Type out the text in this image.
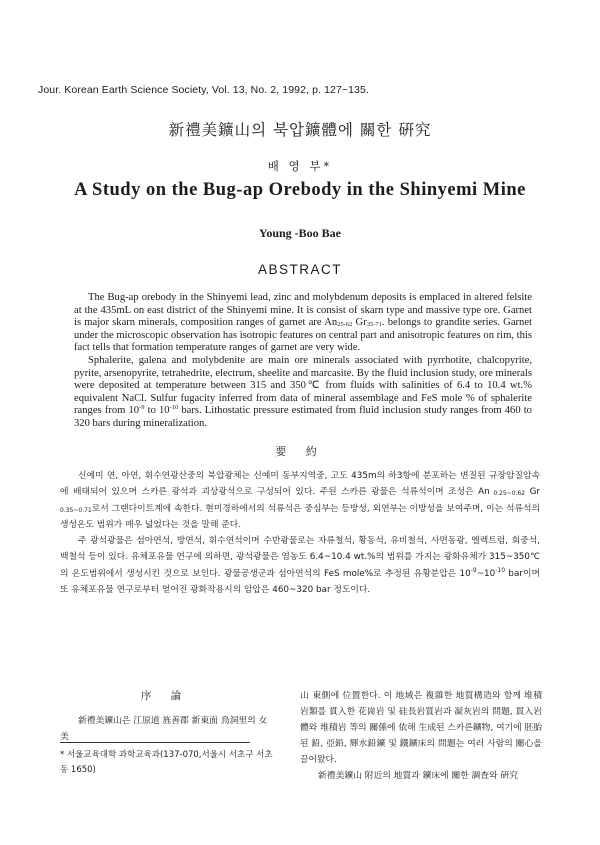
Jour. Korean Earth Science Society, Vol. 13, No. 2, 1992, p. 127~135.
新禮美鑛山의 북압鑛體에 關한 硏究
배 영 부*
A Study on the Bug-ap Orebody in the Shinyemi Mine
Young -Boo Bae
ABSTRACT

The Bug-ap orebody in the Shinyemi lead, zinc and molybdenum deposits is emplaced in altered felsite at the 435mL on east district of the Shinyemi mine. It is consist of skarn type and massive type ore. Garnet is major skarn minerals, composition ranges of garnet are $An_{25-62}$ $Gr_{35-71}$. belongs to grandite series. Garnet under the microscopic observation has isotropic features on central part and anisotropic features on rim, this fact tells that formation temperature ranges of garnet are very wide.

Sphalerite, galena and molybdenite are main ore minerals associated with pyrrhotite, chalcopyrite, pyrite, arsenopyrite, tetrahedrite, electrum, sheelite and marcasite. By the fluid inclusion study, ore minerals were deposited at temperature between 315 and 350℃ from fluids with salinities of 6.4 to 10.4 wt.% equivalent NaCl. Sulfur fugacity inferred from data of mineral assemblage and FeS mole % of sphalerite ranges from $10^{-9}$ to $10^{-10}$ bars. Lithostatic pressure estimated from fluid inclusion study ranges from 460 to 320 bars during mineralization.

要 約

신예미 연, 아연, 휘수연광산중의 북압광체는 신예미 동부지역중, 고도 435m의 하3항에 분포하는 변질된 규장암질암속에 배태되어 있으며 스카른 광석과 괴상광석으로 구성되어 있다. 주된 스카른 광물은 석류석이며 조성은 An $_{0.25\sim 0.62}$ Gr $_{0.35\sim 0.71}$로서 그랜다이트계에 속한다. 현미경하에서의 석류석은 중심부는 등방성, 외연부는 이방성을 보여주며, 이는 석류석의 생성온도 범위가 매우 넓었다는 것을 말해 준다.

주 광석광물은 섬아연석, 방연석, 휘수연석이며 수반광물로는 자류철석, 황동석, 유비철석, 사면동광, 엘렉트럼, 회중석, 백철석 등이 있다. 유체포유물 연구에 의하면, 광석광물은 염농도 6.4~10.4 wt.%의 범위를 가지는 광화유체가 315~350℃의 온도범위에서 생성시킨 것으로 보인다. 광물공생군과 섬아연석의 FeS mole%로 추정된 유황분압은 $10^{-9}\sim 10^{-10}$ bar이며 또 유체포유물 연구로부터 얻어진 광화작용시의 암압은 460~320 bar 정도이다.

序 論

新禮美鑛山은 江原道 旌善郡 新東面 鳥洞里의 女美

* 서울교육대학 과학교육과(137-070,서울시 서초구 서초동 1650)

山 東側에 位置한다. 이 地域은 複雜한 地質構造와 함께 堆積岩類를 貫入한 花崗岩 및 硅長岩質岩과 凝灰岩의 問題, 貫入岩體와 堆積岩 等의 關係에 依해 生成된 스카른鑛物, 여기에 胚胎된 鉛, 亞鉛, 輝水鉛鑛 및 鐵鑛床의 問題는 여러 사람의 關心을 끌어왔다.

新禮美鑛山 附近의 地質과 鑛床에 關한 調査와 硏究
